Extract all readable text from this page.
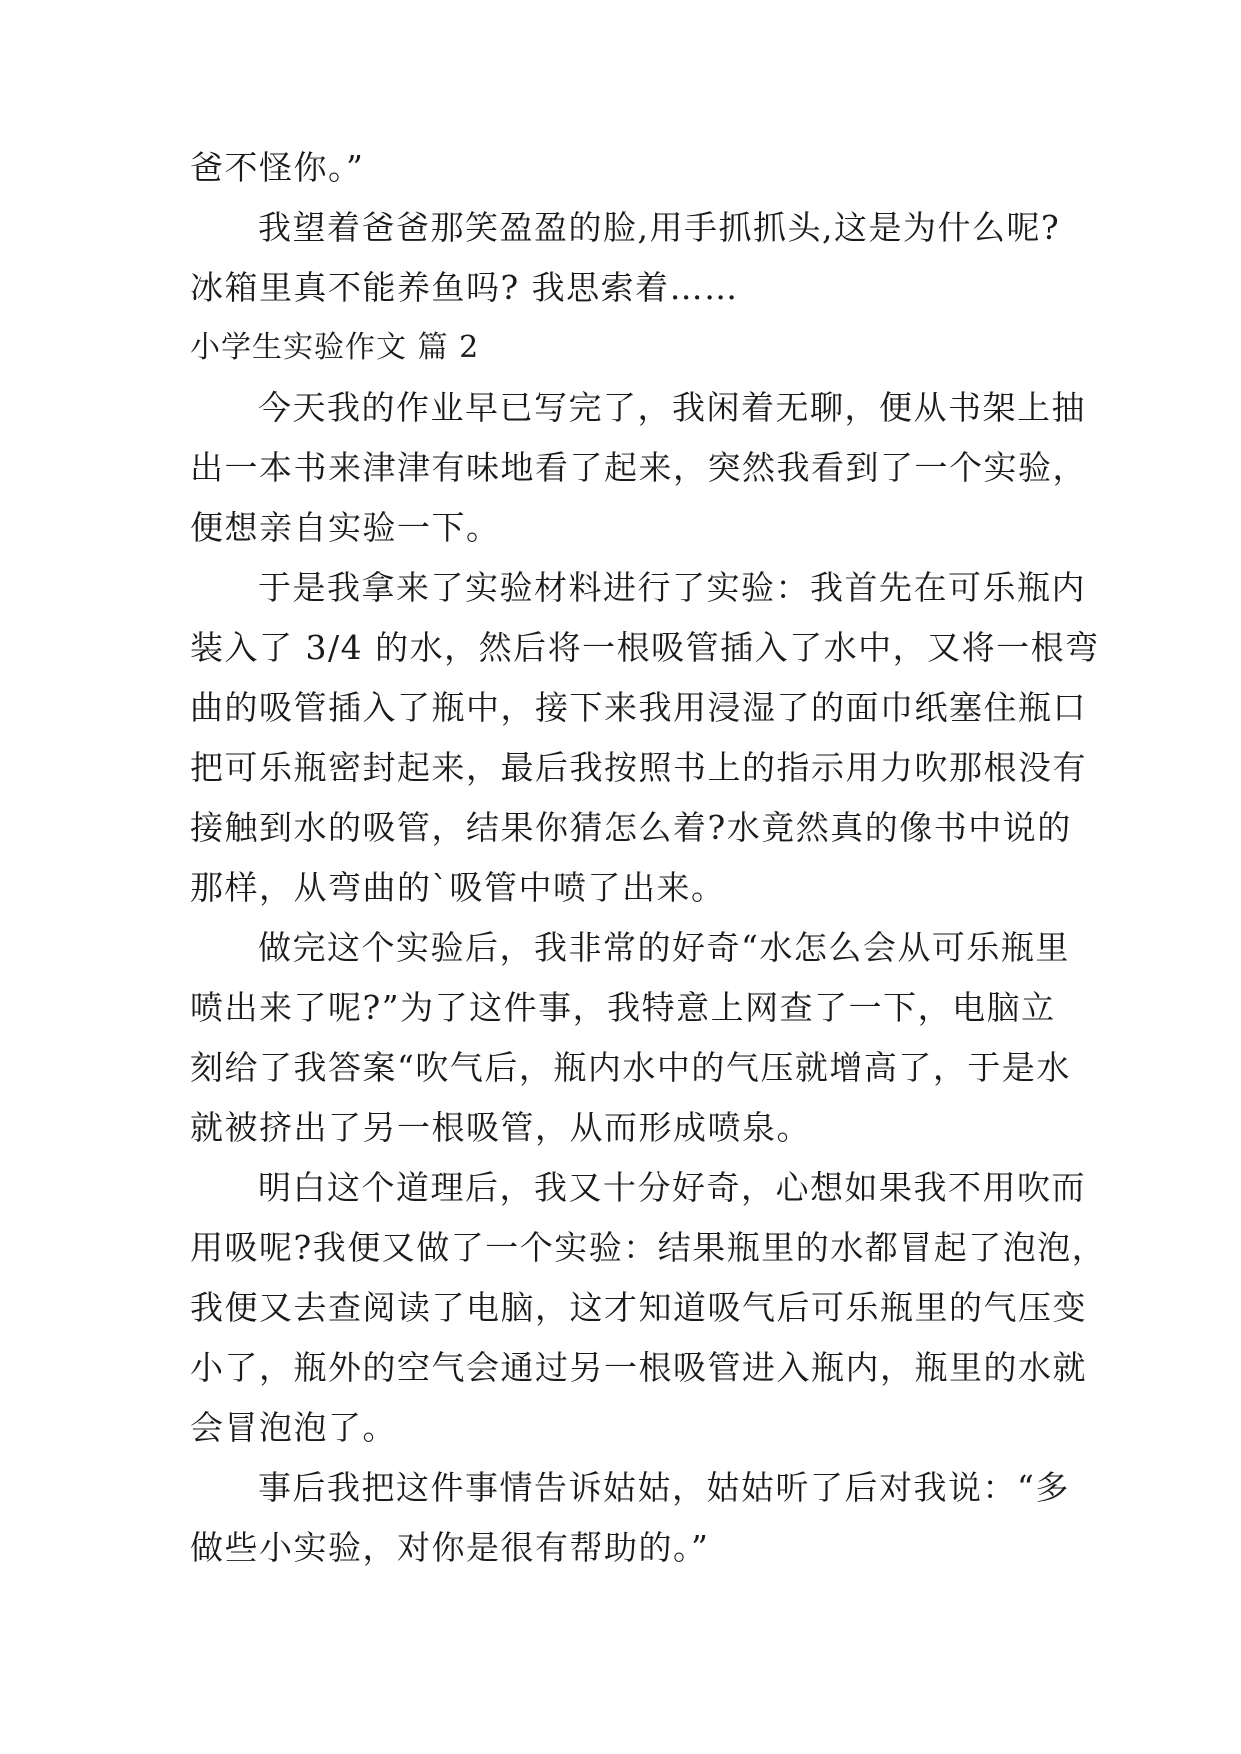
爸不怪你。”
我望着爸爸那笑盈盈的脸,用手抓抓头,这是为什么呢?
冰箱里真不能养鱼吗? 我思索着……
小学生实验作文 篇 2
今天我的作业早已写完了，我闲着无聊，便从书架上抽
出一本书来津津有味地看了起来，突然我看到了一个实验，
便想亲自实验一下。
于是我拿来了实验材料进行了实验：我首先在可乐瓶内
装入了 3/4 的水，然后将一根吸管插入了水中，又将一根弯
曲的吸管插入了瓶中，接下来我用浸湿了的面巾纸塞住瓶口
把可乐瓶密封起来，最后我按照书上的指示用力吹那根没有
接触到水的吸管，结果你猜怎么着?水竟然真的像书中说的
那样，从弯曲的`吸管中喷了出来。
做完这个实验后，我非常的好奇“水怎么会从可乐瓶里
喷出来了呢?”为了这件事，我特意上网查了一下，电脑立
刻给了我答案“吹气后，瓶内水中的气压就增高了，于是水
就被挤出了另一根吸管，从而形成喷泉。
明白这个道理后，我又十分好奇，心想如果我不用吹而
用吸呢?我便又做了一个实验：结果瓶里的水都冒起了泡泡，
我便又去查阅读了电脑，这才知道吸气后可乐瓶里的气压变
小了，瓶外的空气会通过另一根吸管进入瓶内，瓶里的水就
会冒泡泡了。
事后我把这件事情告诉姑姑，姑姑听了后对我说：“多
做些小实验，对你是很有帮助的。”
